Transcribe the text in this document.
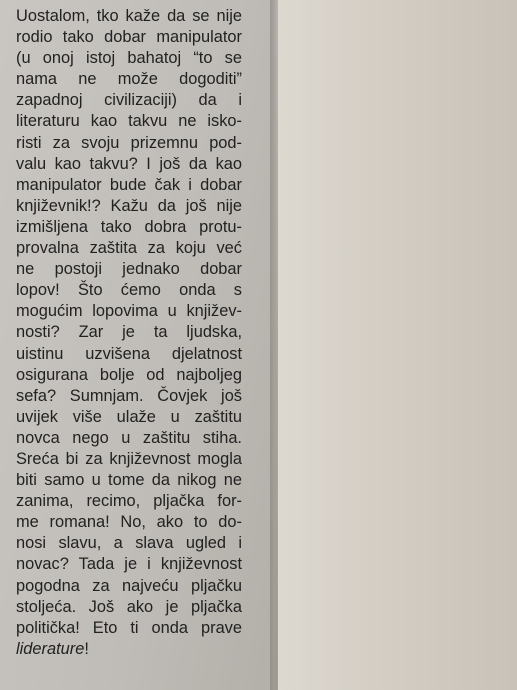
Uostalom, tko kaže da se nije
rodio tako dobar manipulator
(u onoj istoj bahatoj “to se
nama ne može dogoditi”
zapadnoj civilizaciji) da i
literaturu kao takvu ne isko-
risti za svoju prizemnu pod-
valu kao takvu? I još da kao
manipulator bude čak i dobar
književnik!? Kažu da još nije
izmišljena tako dobra protu-
provalna zaštita za koju već
ne postoji jednako dobar
lopov! Što ćemo onda s
mogućim lopovima u književ-
nosti? Zar je ta ljudska,
uistinu uzvišena djelatnost
osigurana bolje od najboljeg
sefa? Sumnjam. Čovjek još
uvijek više ulaže u zaštitu
novca nego u zaštitu stiha.
Sreća bi za književnost mogla
biti samo u tome da nikog ne
zanima, recimo, pljačka for-
me romana! No, ako to do-
nosi slavu, a slava ugled i
novac? Tada je i književnost
pogodna za najveću pljačku
stoljeća. Još ako je pljačka
politička! Eto ti onda prave
liderature!
